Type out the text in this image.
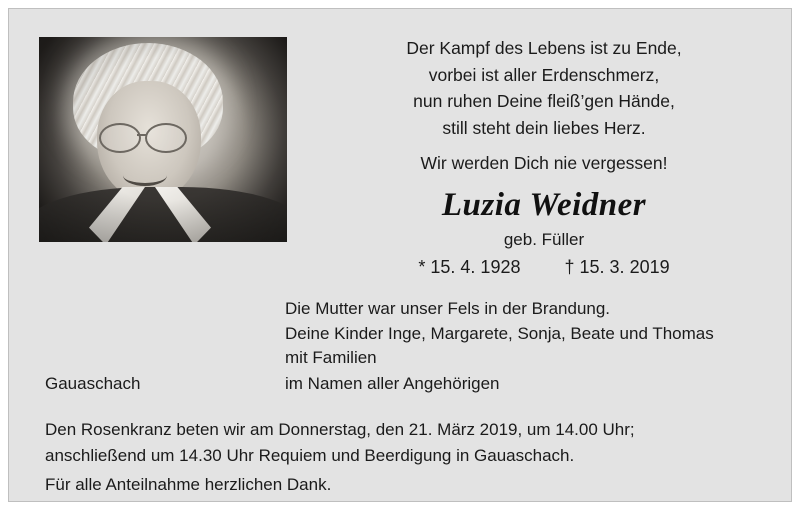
Der Kampf des Lebens ist zu Ende,
vorbei ist aller Erdenschmerz,
nun ruhen Deine fleiß’gen Hände,
still steht dein liebes Herz.
Wir werden Dich nie vergessen!
Luzia Weidner
geb. Füller
* 15. 4. 1928 † 15. 3. 2019
Die Mutter war unser Fels in der Brandung.
Deine Kinder Inge, Margarete, Sonja, Beate und Thomas
mit Familien
Gauaschach	im Namen aller Angehörigen
Den Rosenkranz beten wir am Donnerstag, den 21. März 2019, um 14.00 Uhr;
anschließend um 14.30 Uhr Requiem und Beerdigung in Gauaschach.
Für alle Anteilnahme herzlichen Dank.
